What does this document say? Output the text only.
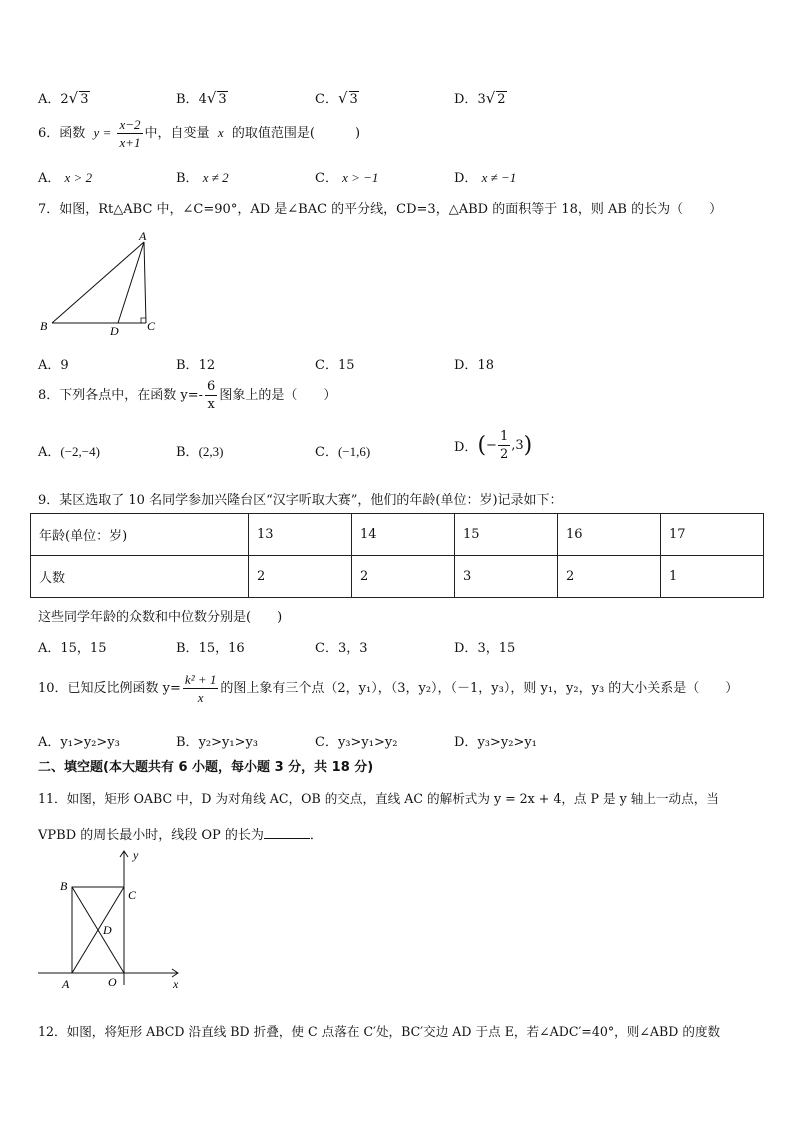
A．2√ 3	B．4√ 3	C．√ 3	D．3√ 2
6．函数 $y = \frac{x-2}{x+1}$ 中，自变量 x 的取值范围是(	)
A． x > 2	B． x ≠ 2	C． x > −1	D． x ≠ −1
7．如图，Rt△ABC 中，∠C=90°，AD 是∠BAC 的平分线，CD=3，△ABD 的面积等于 18，则 AB 的长为（　　）
A
B	C
D
A．9	B．12	C．15	D．18
8．下列各点中，在函数 $y=- \frac{6}{x}$ 图象上的是（　　）
A．(−2,−4)	B．(2,3)	C．(−1,6)	D．(− $\frac{1}{2} ,3$)
9．某区选取了 10 名同学参加兴隆台区“汉字听取大赛”，他们的年龄(单位：岁)记录如下：
年龄(单位：岁)	13	14	15	16	17
人数	2	2	3	2	1
这些同学年龄的众数和中位数分别是(　　)
A．15，15	B．15，16	C．3，3	D．3，15
10．已知反比例函数 $y= \frac{\text{k² + 1}}{x}$ 的图上象有三个点（2，y₁），（3，y₂），（－1，y₃），则 y₁，y₂，y₃ 的大小关系是（　　）
A．y₁>y₂>y₃	B．y₂>y₁>y₃	C．y₃>y₁>y₂	D．y₃>y₂>y₁
二、填空题(本大题共有 6 小题，每小题 3 分，共 18 分)
11．如图，矩形 OABC 中，D 为对角线 AC，OB 的交点，直线 AC 的解析式为 y = 2x + 4，点 P 是 y 轴上一动点，当
VPBD 的周长最小时，线段 OP 的长为	．
y
x
B
C
D
A	O
12．如图，将矩形 ABCD 沿直线 BD 折叠，使 C 点落在 C′处，BC′交边 AD 于点 E，若∠ADC′=40°，则∠ABD 的度数
